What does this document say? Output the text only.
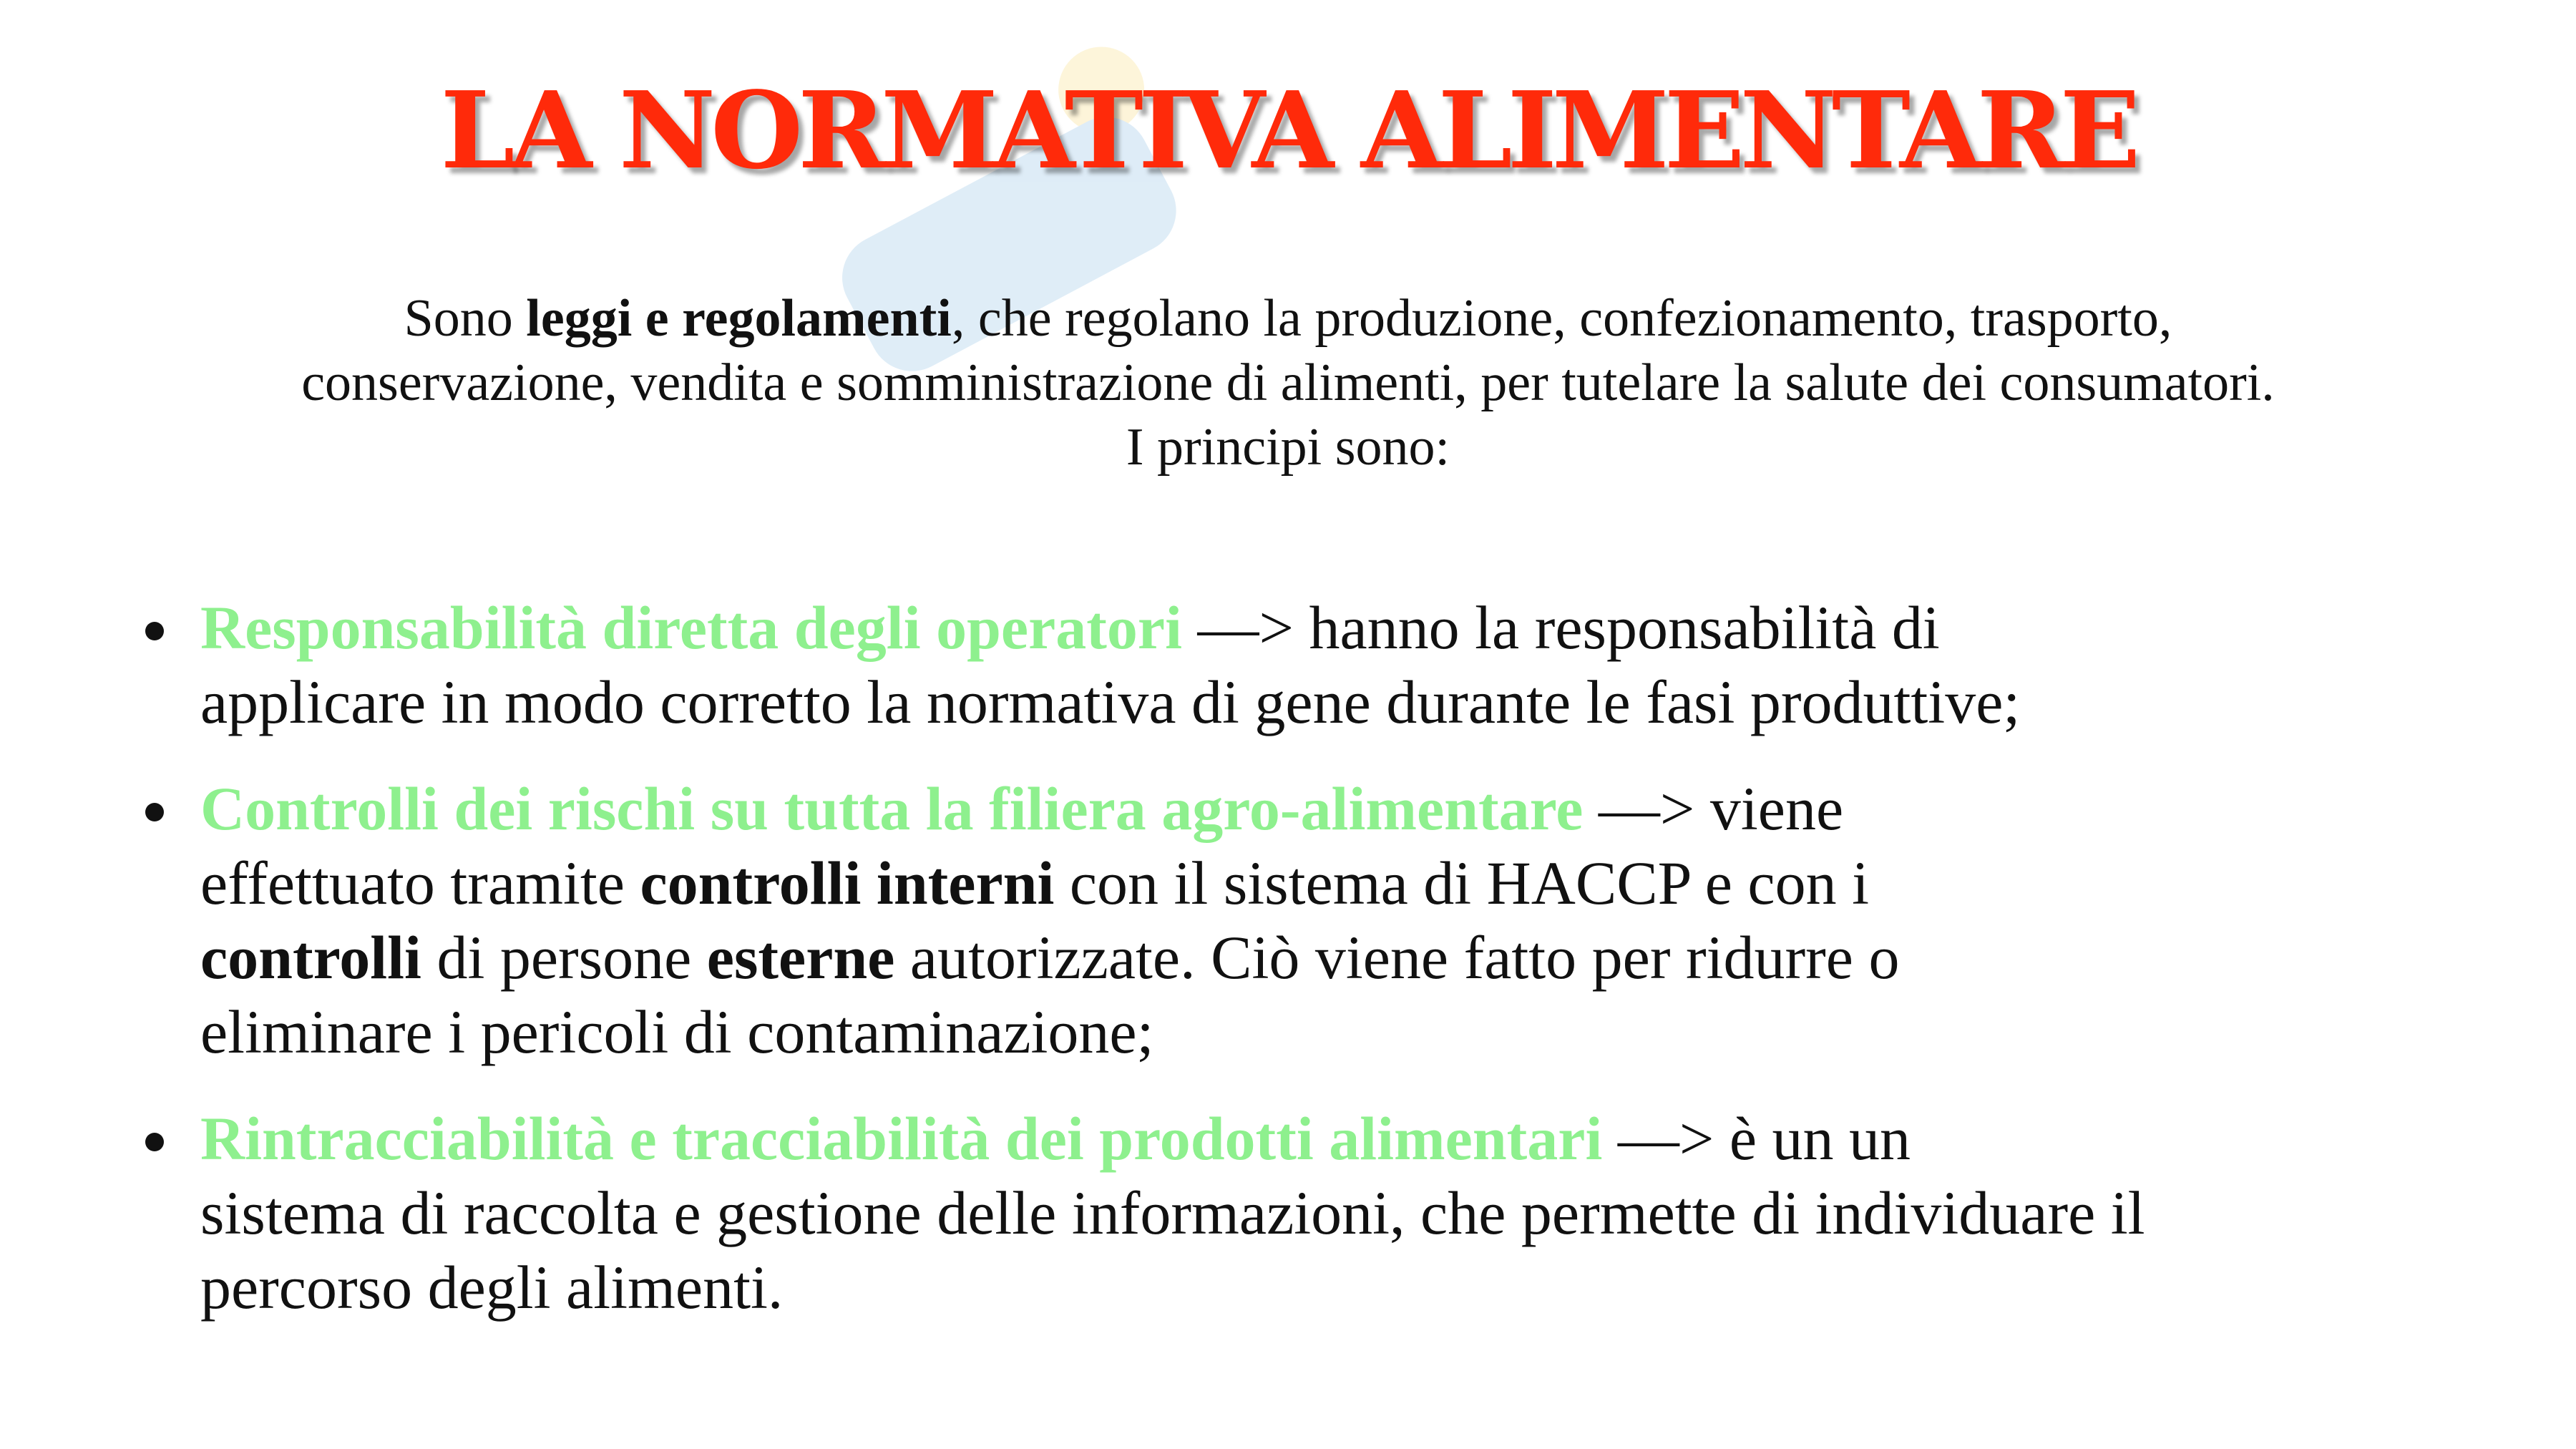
LA NORMATIVA ALIMENTARE
Sono leggi e regolamenti, che regolano la produzione, confezionamento, trasporto,
conservazione, vendita e somministrazione di alimenti, per tutelare la salute dei consumatori.
I principi sono:
Responsabilità diretta degli operatori —> hanno la responsabilità di
applicare in modo corretto la normativa di gene durante le fasi produttive;
Controlli dei rischi su tutta la filiera agro-alimentare —> viene
effettuato tramite controlli interni con il sistema di HACCP e con i
controlli di persone esterne autorizzate. Ciò viene fatto per ridurre o
eliminare i pericoli di contaminazione;
Rintracciabilità e tracciabilità dei prodotti alimentari —> è un un
sistema di raccolta e gestione delle informazioni, che permette di individuare il
percorso degli alimenti.
